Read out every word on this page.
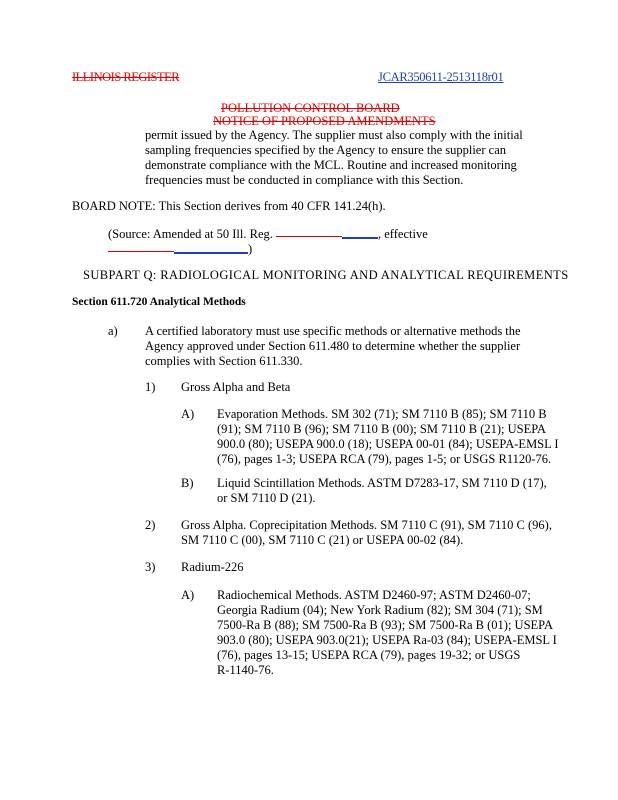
ILLINOIS REGISTER	JCAR350611-2513118r01
POLLUTION CONTROL BOARD
NOTICE OF PROPOSED AMENDMENTS
permit issued by the Agency. The supplier must also comply with the initial
sampling frequencies specified by the Agency to ensure the supplier can
demonstrate compliance with the MCL. Routine and increased monitoring
frequencies must be conducted in compliance with this Section.
BOARD NOTE: This Section derives from 40 CFR 141.24(h).
(Source: Amended at 50 Ill. Reg.	, effective
)
SUBPART Q: RADIOLOGICAL MONITORING AND ANALYTICAL REQUIREMENTS
Section 611.720 Analytical Methods
a) A certified laboratory must use specific methods or alternative methods the
Agency approved under Section 611.480 to determine whether the supplier
complies with Section 611.330.
1) Gross Alpha and Beta
A) Evaporation Methods. SM 302 (71); SM 7110 B (85); SM 7110 B
(91); SM 7110 B (96); SM 7110 B (00); SM 7110 B (21); USEPA
900.0 (80); USEPA 900.0 (18); USEPA 00-01 (84); USEPA-EMSL I
(76), pages 1-3; USEPA RCA (79), pages 1-5; or USGS R1120-76.
B) Liquid Scintillation Methods. ASTM D7283-17, SM 7110 D (17),
or SM 7110 D (21).
2) Gross Alpha. Coprecipitation Methods. SM 7110 C (91), SM 7110 C (96),
SM 7110 C (00), SM 7110 C (21) or USEPA 00-02 (84).
3) Radium-226
A) Radiochemical Methods. ASTM D2460-97; ASTM D2460-07;
Georgia Radium (04); New York Radium (82); SM 304 (71); SM
7500-Ra B (88); SM 7500-Ra B (93); SM 7500-Ra B (01); USEPA
903.0 (80); USEPA 903.0(21); USEPA Ra-03 (84); USEPA-EMSL I
(76), pages 13-15; USEPA RCA (79), pages 19-32; or USGS
R-1140-76.
